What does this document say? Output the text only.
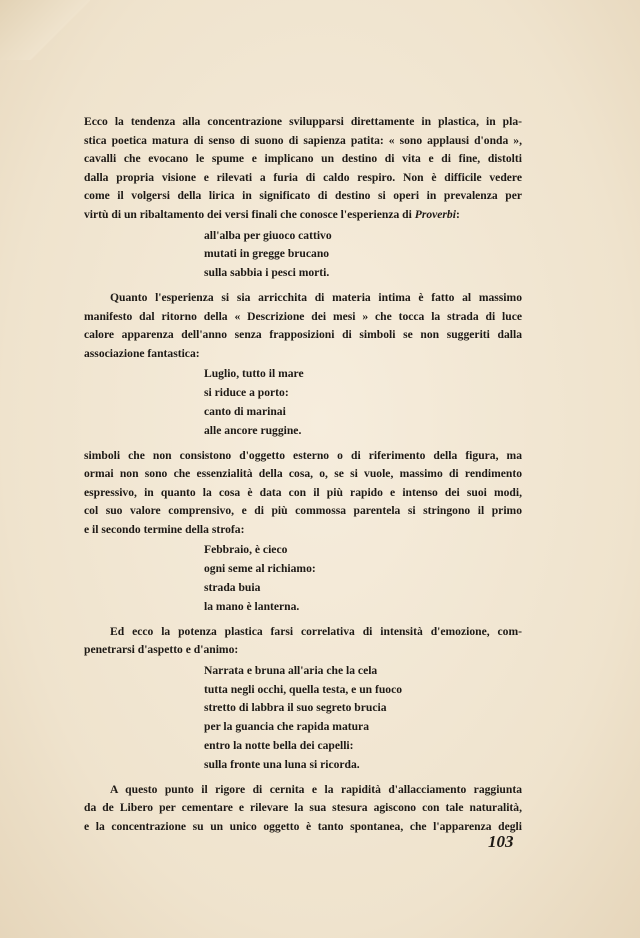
Ecco la tendenza alla concentrazione svilupparsi direttamente in plastica, in pla-
stica poetica matura di senso di suono di sapienza patita: « sono applausi d'onda »,
cavalli che evocano le spume e implicano un destino di vita e di fine, distolti
dalla propria visione e rilevati a furia di caldo respiro. Non è difficile vedere
come il volgersi della lirica in significato di destino si operi in prevalenza per
virtù di un ribaltamento dei versi finali che conosce l'esperienza di Proverbi:
all'alba per giuoco cattivo
mutati in gregge brucano
sulla sabbia i pesci morti.
Quanto l'esperienza si sia arricchita di materia intima è fatto al massimo
manifesto dal ritorno della « Descrizione dei mesi » che tocca la strada di luce
calore apparenza dell'anno senza frapposizioni di simboli se non suggeriti dalla
associazione fantastica:
Luglio, tutto il mare
si riduce a porto:
canto di marinai
alle ancore ruggine.
simboli che non consistono d'oggetto esterno o di riferimento della figura, ma
ormai non sono che essenzialità della cosa, o, se si vuole, massimo di rendimento
espressivo, in quanto la cosa è data con il più rapido e intenso dei suoi modi,
col suo valore comprensivo, e di più commossa parentela si stringono il primo
e il secondo termine della strofa:
Febbraio, è cieco
ogni seme al richiamo:
strada buia
la mano è lanterna.
Ed ecco la potenza plastica farsi correlativa di intensità d'emozione, com-
penetrarsi d'aspetto e d'animo:
Narrata e bruna all'aria che la cela
tutta negli occhi, quella testa, e un fuoco
stretto di labbra il suo segreto brucia
per la guancia che rapida matura
entro la notte bella dei capelli:
sulla fronte una luna si ricorda.
A questo punto il rigore di cernita e la rapidità d'allacciamento raggiunta
da de Libero per cementare e rilevare la sua stesura agiscono con tale naturalità,
e la concentrazione su un unico oggetto è tanto spontanea, che l'apparenza degli
103
